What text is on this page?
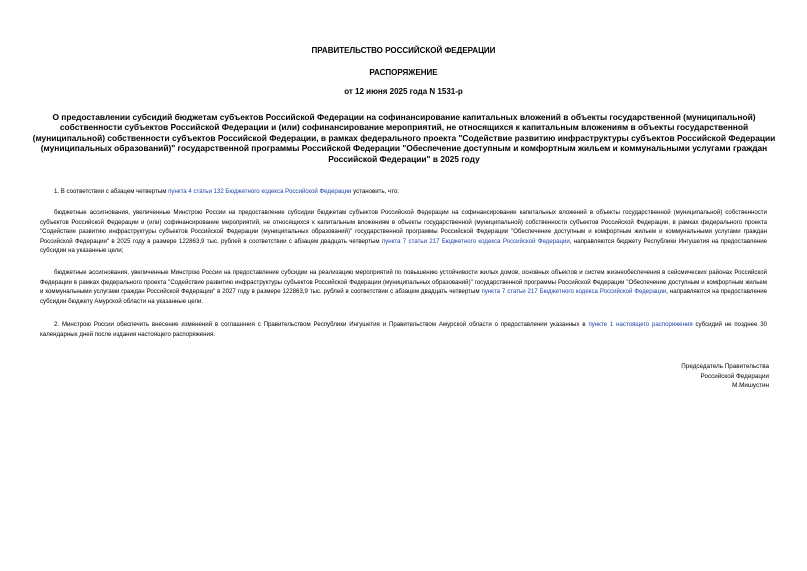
ПРАВИТЕЛЬСТВО РОССИЙСКОЙ ФЕДЕРАЦИИ
РАСПОРЯЖЕНИЕ
от 12 июня 2025 года N 1531-р
О предоставлении субсидий бюджетам субъектов Российской Федерации на софинансирование капитальных вложений в объекты государственной (муниципальной) собственности субъектов Российской Федерации и (или) софинансирование мероприятий, не относящихся к капитальным вложениям в объекты государственной (муниципальной) собственности субъектов Российской Федерации, в рамках федерального проекта "Содействие развитию инфраструктуры субъектов Российской Федерации (муниципальных образований)" государственной программы Российской Федерации "Обеспечение доступным и комфортным жильем и коммунальными услугами граждан Российской Федерации" в 2025 году
1. В соответствии с абзацем четвертым пункта 4 статьи 132 Бюджетного кодекса Российской Федерации установить, что:
бюджетные ассигнования, увеличенные Минстрою России на предоставление субсидии бюджетам субъектов Российской Федерации на софинансирование капитальных вложений в объекты государственной (муниципальной) собственности субъектов Российской Федерации и (или) софинансирование мероприятий, не относящихся к капитальным вложениям в объекты государственной (муниципальной) собственности субъектов Российской Федерации, в рамках федерального проекта "Содействие развитию инфраструктуры субъектов Российской Федерации (муниципальных образований)" государственной программы Российской Федерации "Обеспечение доступным и комфортным жильем и коммунальными услугами граждан Российской Федерации" в 2025 году в размере 122863,9 тыс. рублей в соответствии с абзацем двадцать четвертым пункта 7 статьи 217 Бюджетного кодекса Российской Федерации, направляются бюджету Республики Ингушетия на предоставление субсидии на указанные цели;
бюджетные ассигнования, увеличенные Минстрою России на предоставление субсидии на реализацию мероприятий по повышению устойчивости жилых домов, основных объектов и систем жизнеобеспечения в сейсмических районах Российской Федерации в рамках федерального проекта "Содействие развитию инфраструктуры субъектов Российской Федерации (муниципальных образований)" государственной программы Российской Федерации "Обеспечение доступным и комфортным жильем и коммунальными услугами граждан Российской Федерации" в 2027 году в размере 122863,9 тыс. рублей в соответствии с абзацем двадцать четвертым пункта 7 статьи 217 Бюджетного кодекса Российской Федерации, направляются на предоставление субсидии бюджету Амурской области на указанные цели.
2. Минстрою России обеспечить внесение изменений в соглашения с Правительством Республики Ингушетия и Правительством Амурской области о предоставлении указанных в пункте 1 настоящего распоряжения субсидий не позднее 30 календарных дней после издания настоящего распоряжения.
Председатель Правительства
Российской Федерации
М.Мишустин
